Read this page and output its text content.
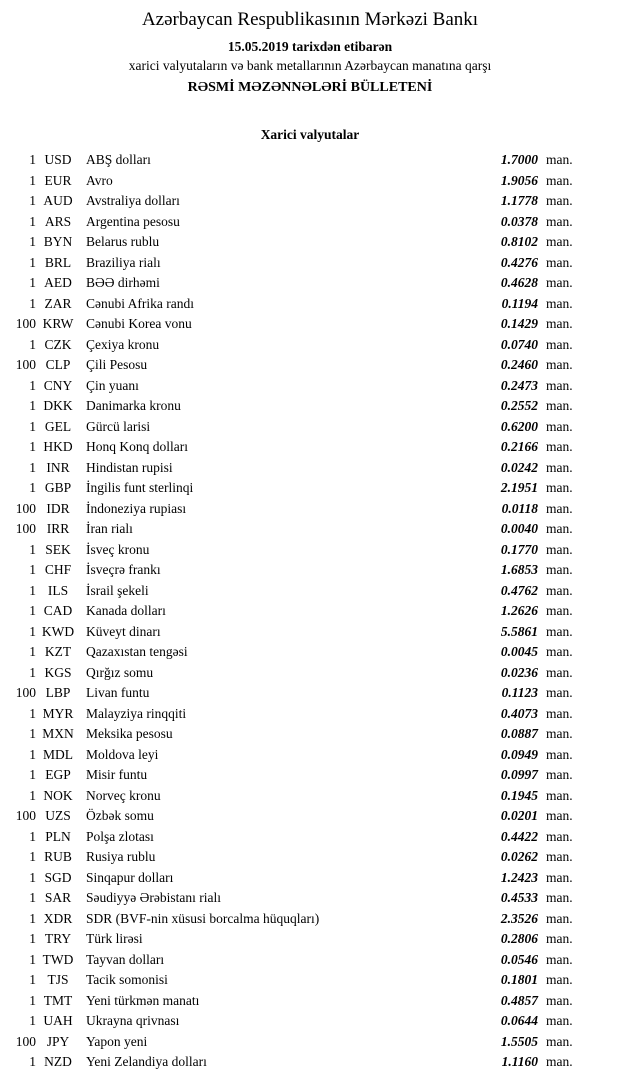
Azərbaycan Respublikasının Mərkəzi Bankı
15.05.2019 tarixdən etibarən
xarici valyutaların və bank metallarının Azərbaycan manatına qarşı
RƏSMİ MƏZƏNNƏLƏRİ BÜLLETENİ
Xarici valyutalar
1 USD	ABŞ dolları	1.7000 man.
1 EUR	Avro	1.9056 man.
1 AUD Avstraliya dolları	1.1778 man.
1 ARS	Argentina pesosu	0.0378 man.
1 BYN	Belarus rublu	0.8102 man.
1 BRL	Braziliya rialı	0.4276 man.
1 AED	BƏƏ dirhəmi	0.4628 man.
1 ZAR	Cənubi Afrika randı	0.1194 man.
100 KRW Cənubi Korea vonu	0.1429 man.
1 CZK	Çexiya kronu	0.0740 man.
100 CLP	Çili Pesosu	0.2460 man.
1 CNY	Çin yuanı	0.2473 man.
1 DKK Danimarka kronu	0.2552 man.
1 GEL	Gürcü larisi	0.6200 man.
1 HKD Honq Konq dolları	0.2166 man.
1 INR	Hindistan rupisi	0.0242 man.
1 GBP	İngilis funt sterlinqi	2.1951 man.
100 IDR	İndoneziya rupiası	0.0118 man.
100 IRR	İran rialı	0.0040 man.
1 SEK	İsveç kronu	0.1770 man.
1 CHF	İsveçrə frankı	1.6853 man.
1 ILS	İsrail şekeli	0.4762 man.
1 CAD	Kanada dolları	1.2626 man.
1 KWD Küveyt dinarı	5.5861 man.
1 KZT	Qazaxıstan tengəsi	0.0045 man.
1 KGS	Qırğız somu	0.0236 man.
100 LBP	Livan funtu	0.1123 man.
1 MYR Malayziya rinqqiti	0.4073 man.
1 MXN Meksika pesosu	0.0887 man.
1 MDL Moldova leyi	0.0949 man.
1 EGP	Misir funtu	0.0997 man.
1 NOK Norveç kronu	0.1945 man.
100 UZS	Özbək somu	0.0201 man.
1 PLN	Polşa zlotası	0.4422 man.
1 RUB	Rusiya rublu	0.0262 man.
1 SGD	Sinqapur dolları	1.2423 man.
1 SAR	Səudiyyə Ərəbistanı rialı	0.4533 man.
1 XDR	SDR (BVF-nin xüsusi borcalma hüquqları)	2.3526 man.
1 TRY	Türk lirəsi	0.2806 man.
1 TWD Tayvan dolları	0.0546 man.
1 TJS	Tacik somonisi	0.1801 man.
1 TMT	Yeni türkmən manatı	0.4857 man.
1 UAH Ukrayna qrivnası	0.0644 man.
100 JPY	Yapon yeni	1.5505 man.
1 NZD	Yeni Zelandiya dolları	1.1160 man.
